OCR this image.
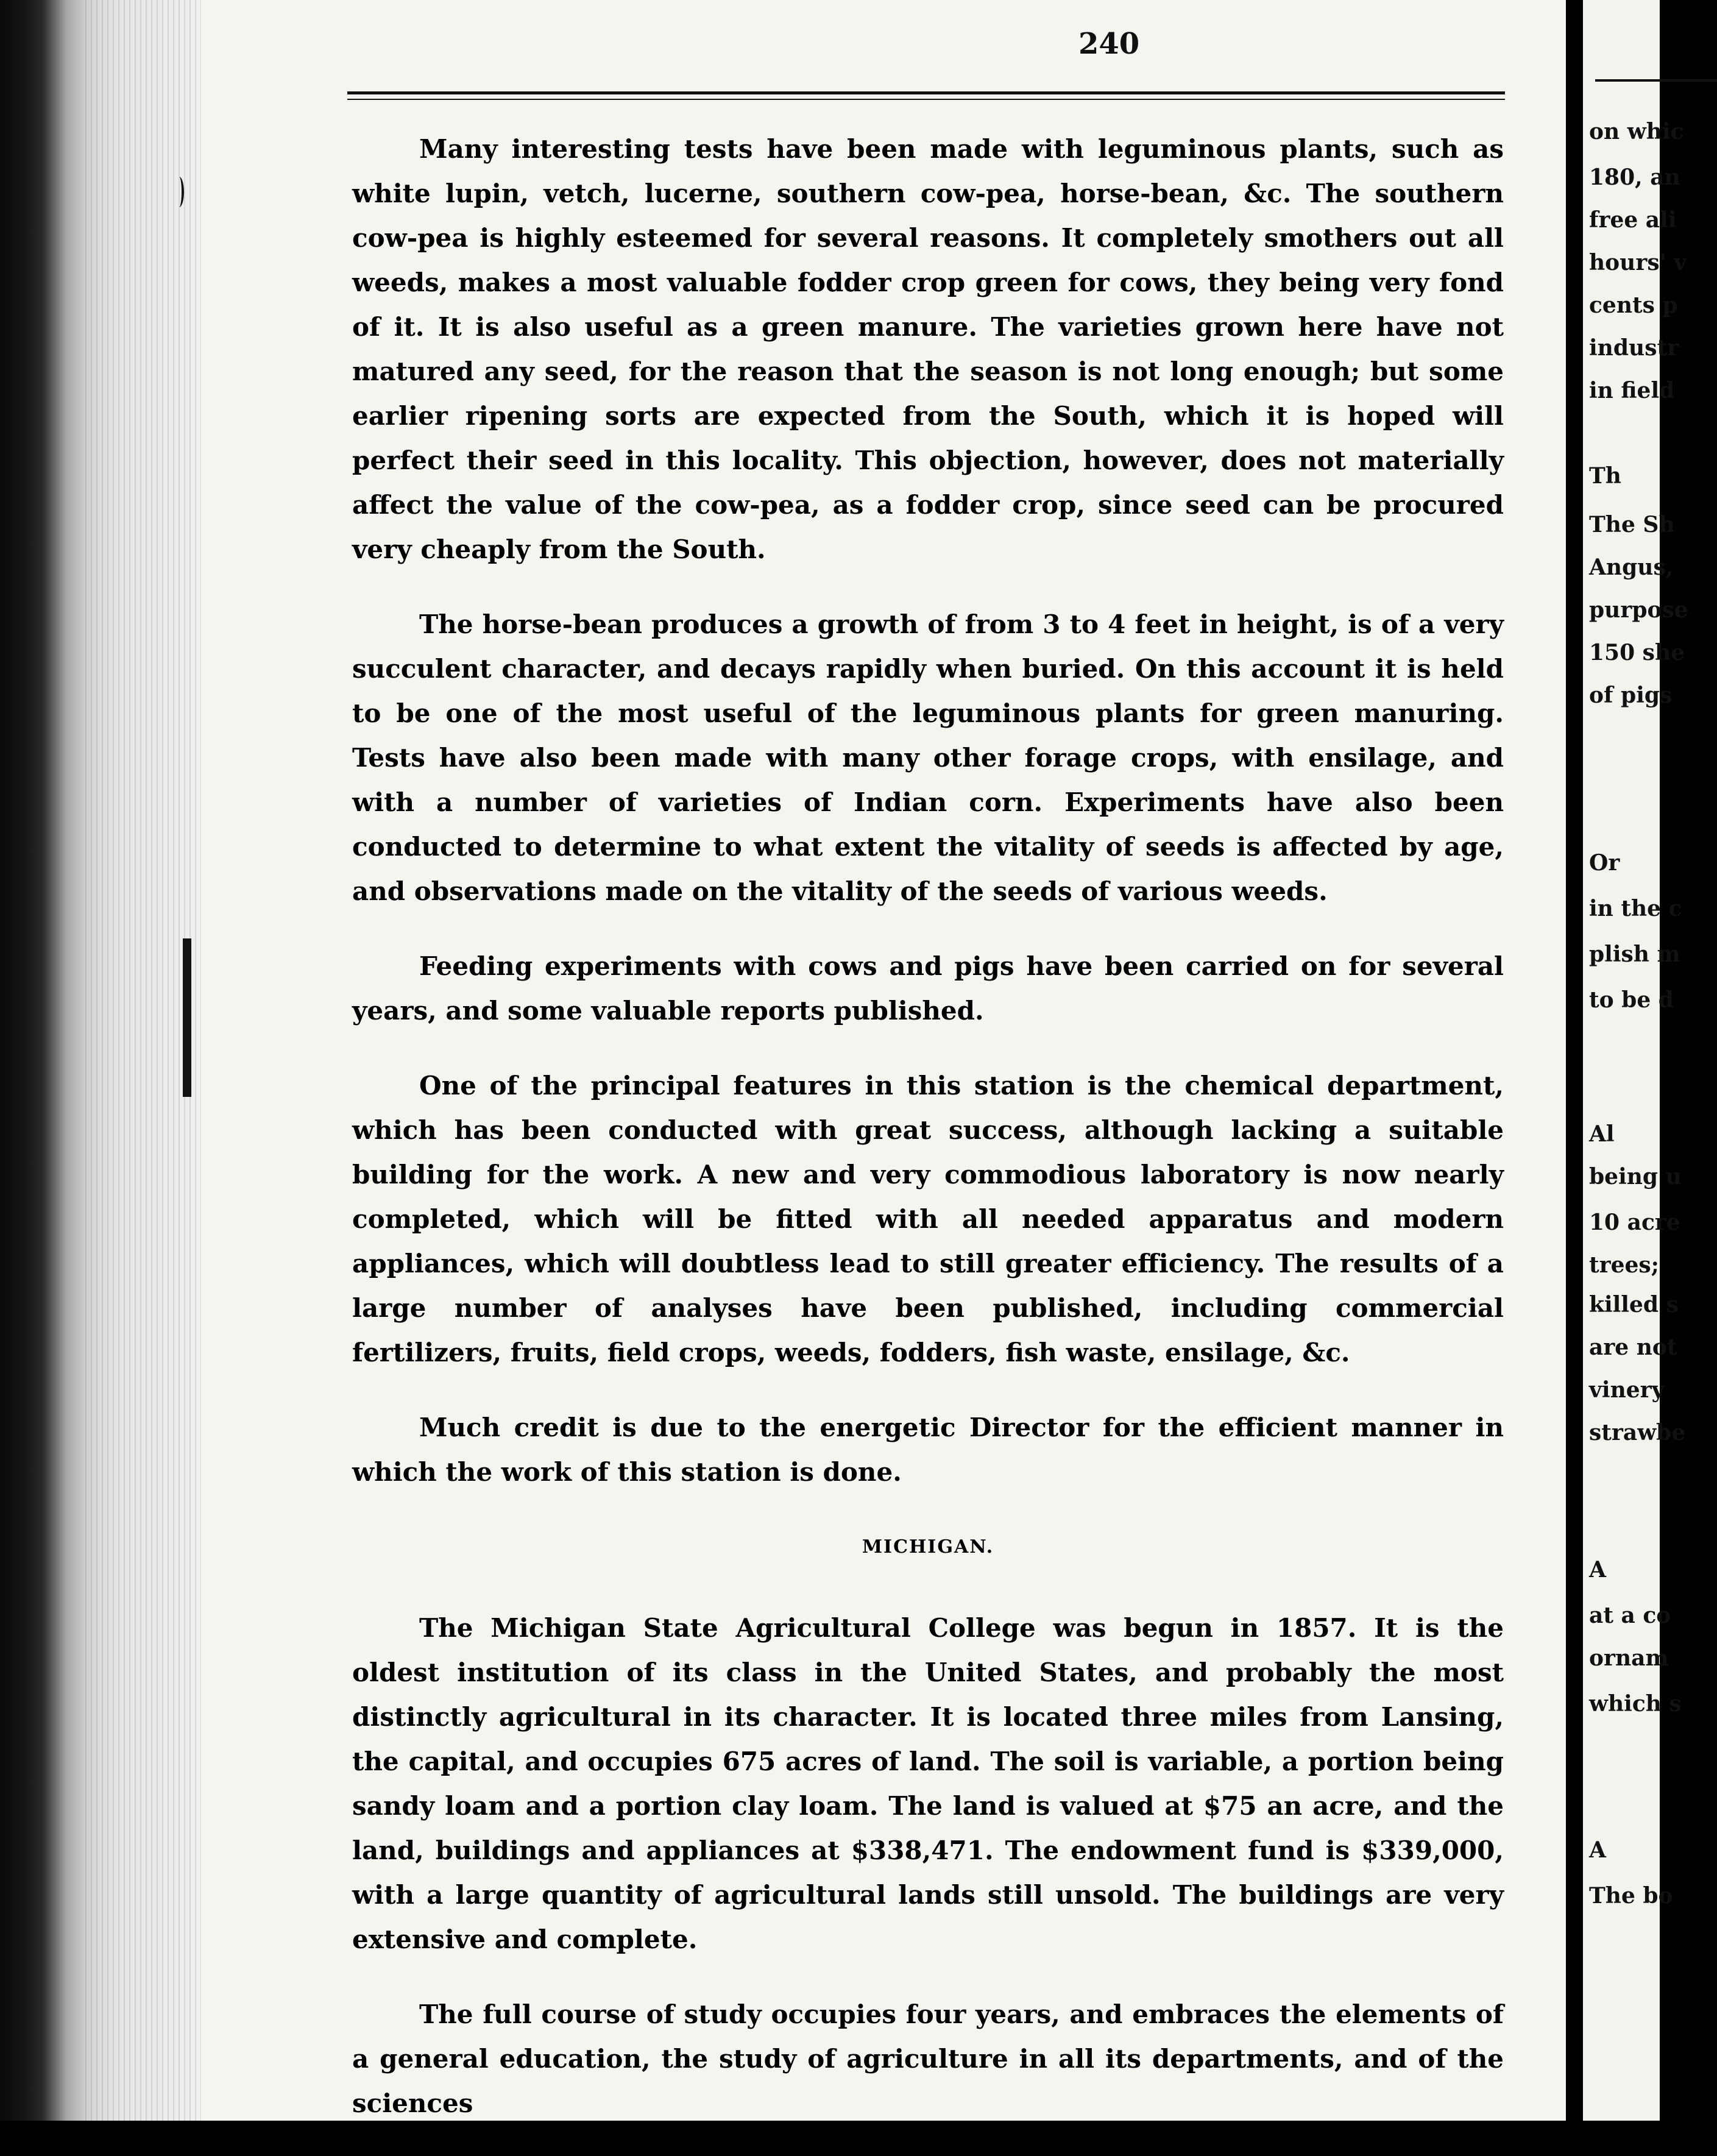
240

Many interesting tests have been made with leguminous plants, such as white lupin, vetch, lucerne, southern cow-pea, horse-bean, &c. The southern cow-pea is highly esteemed for several reasons. It completely smothers out all weeds, makes a most valuable fodder crop green for cows, they being very fond of it. It is also useful as a green manure. The varieties grown here have not matured any seed, for the reason that the season is not long enough; but some earlier ripening sorts are expected from the South, which it is hoped will perfect their seed in this locality. This objection, however, does not materially affect the value of the cow-pea, as a fodder crop, since seed can be procured very cheaply from the South.

The horse-bean produces a growth of from 3 to 4 feet in height, is of a very succulent character, and decays rapidly when buried. On this account it is held to be one of the most useful of the leguminous plants for green manuring. Tests have also been made with many other forage crops, with ensilage, and with a number of varieties of Indian corn. Experiments have also been conducted to determine to what extent the vitality of seeds is affected by age, and observations made on the vitality of the seeds of various weeds.

Feeding experiments with cows and pigs have been carried on for several years, and some valuable reports published.

One of the principal features in this station is the chemical department, which has been conducted with great success, although lacking a suitable building for the work. A new and very commodious laboratory is now nearly completed, which will be fitted with all needed apparatus and modern appliances, which will doubtless lead to still greater efficiency. The results of a large number of analyses have been published, including commercial fertilizers, fruits, field crops, weeds, fodders, fish waste, ensilage, &c.

Much credit is due to the energetic Director for the efficient manner in which the work of this station is done.

MICHIGAN.

The Michigan State Agricultural College was begun in 1857. It is the oldest institution of its class in the United States, and probably the most distinctly agricultural in its character. It is located three miles from Lansing, the capital, and occupies 675 acres of land. The soil is variable, a portion being sandy loam and a portion clay loam. The land is valued at $75 an acre, and the land, buildings and appliances at $338,471. The endowment fund is $339,000, with a large quantity of agricultural lands still unsold. The buildings are very extensive and complete.

The full course of study occupies four years, and embraces the elements of a general education, the study of agriculture in all its departments, and of the sciences

on whic
180, an
free ali
hours' v
cents p
industr
in field
Th
The Sh
Angus,
purpose
150 she
of pigs
Or
in the c
plish m
to be d
Al
being u
10 acre
trees;
killed s
are not
vinery
strawbe
A
at a co
ornam
which s
A
The bo
